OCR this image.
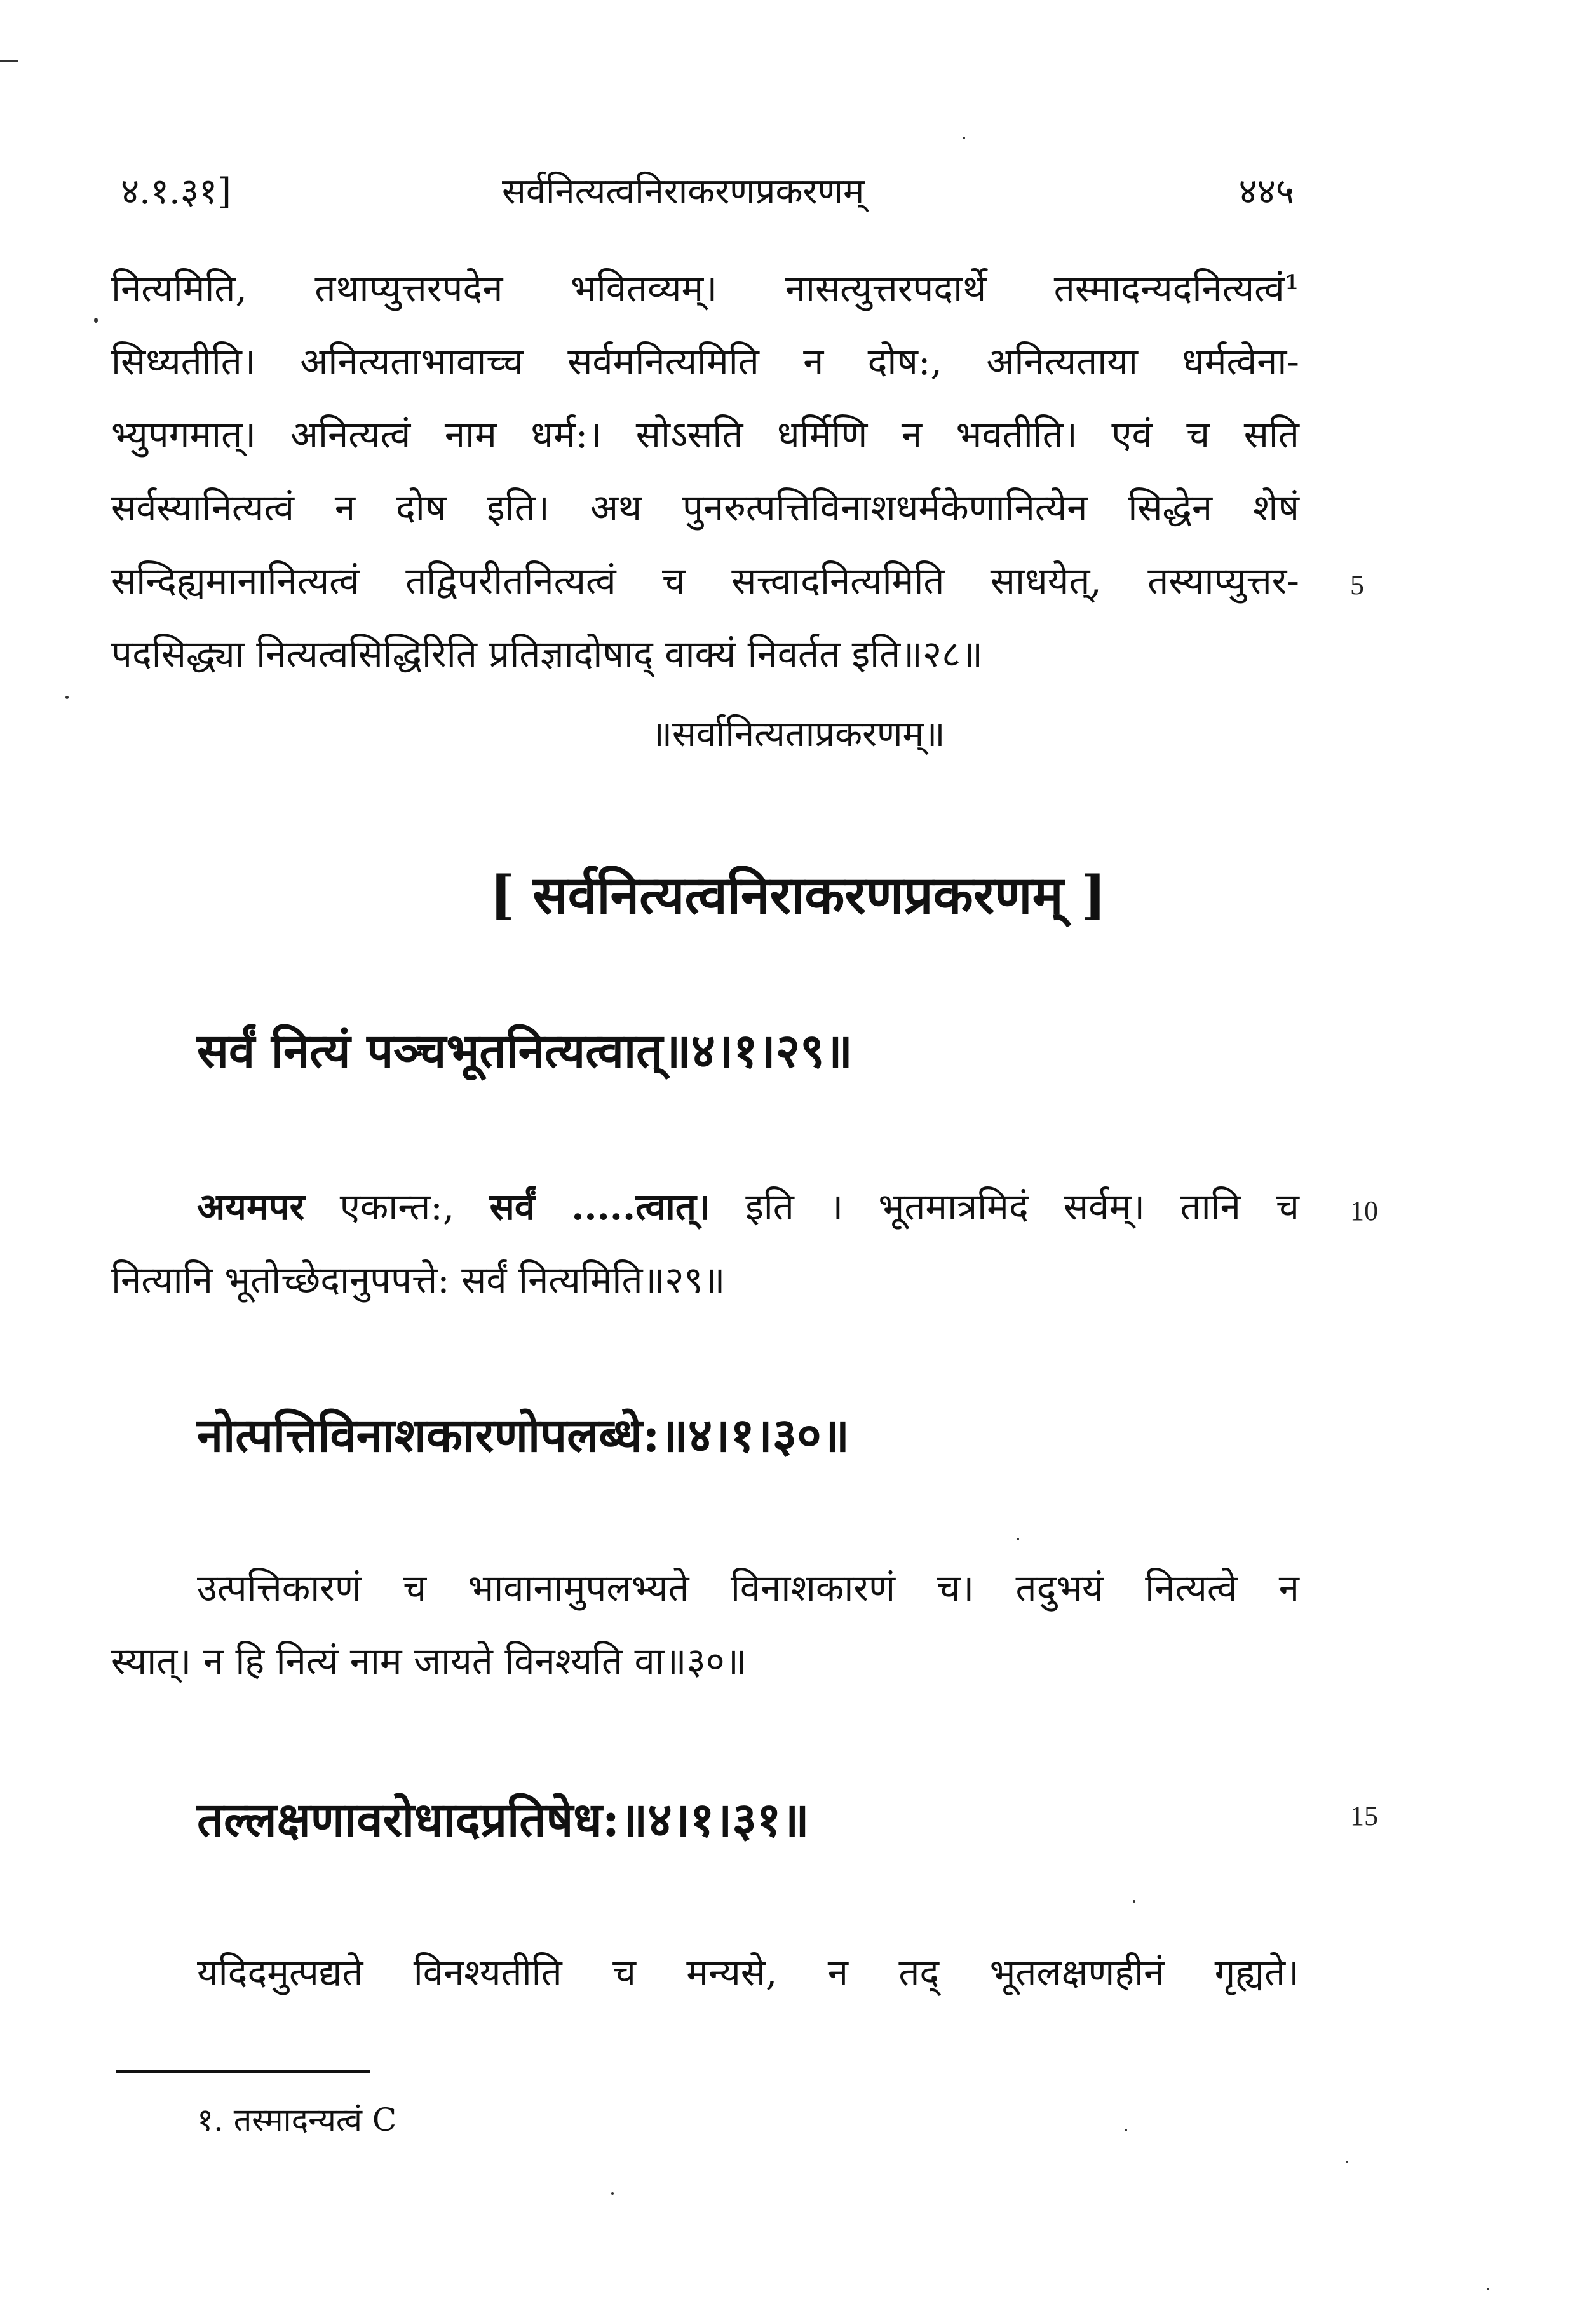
४.१.३१]	सर्वनित्यत्वनिराकरणप्रकरणम्	४४५
नित्यमिति, तथाप्युत्तरपदेन भवितव्यम्। नासत्युत्तरपदार्थे तस्मादन्यदनित्यत्वं¹
सिध्यतीति। अनित्यताभावाच्च सर्वमनित्यमिति न दोष:, अनित्यताया धर्मत्वेना-
भ्युपगमात्। अनित्यत्वं नाम धर्म:। सोऽसति धर्मिणि न भवतीति। एवं च सति
सर्वस्यानित्यत्वं न दोष इति। अथ पुनरुत्पत्तिविनाशधर्मकेणानित्येन सिद्धेन शेषं
सन्दिह्यमानानित्यत्वं तद्विपरीतनित्यत्वं च सत्त्वादनित्यमिति साधयेत्, तस्याप्युत्तर- 5
पदसिद्ध्या नित्यत्वसिद्धिरिति प्रतिज्ञादोषाद् वाक्यं निवर्तत इति॥२८॥
॥सर्वानित्यताप्रकरणम्॥
[ सर्वनित्यत्वनिराकरणप्रकरणम् ]
सर्वं नित्यं पञ्चभूतनित्यत्वात्॥४।१।२९॥
अयमपर एकान्त:, सर्वं .....त्वात्। इति । भूतमात्रमिदं सर्वम्। तानि च 10
नित्यानि भूतोच्छेदानुपपत्ते: सर्वं नित्यमिति॥२९॥
नोत्पत्तिविनाशकारणोपलब्धे:॥४।१।३०॥
उत्पत्तिकारणं च भावानामुपलभ्यते विनाशकारणं च। तदुभयं नित्यत्वे न
स्यात्। न हि नित्यं नाम जायते विनश्यति वा॥३०॥
तल्लक्षणावरोधादप्रतिषेध:॥४।१।३१॥	15
यदिदमुत्पद्यते विनश्यतीति च मन्यसे, न तद् भूतलक्षणहीनं गृह्यते।
१. तस्मादन्यत्वं C
